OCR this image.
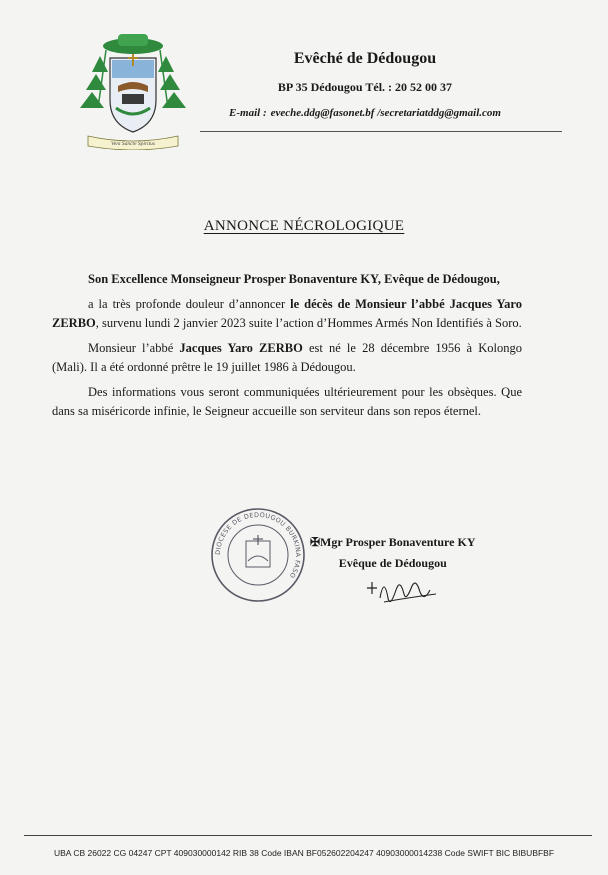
Veni Sancte Spiritus
Evêché de Dédougou
BP 35 Dédougou Tél. : 20 52 00 37
E-mail : eveche.ddg@fasonet.bf /secretariatddg@gmail.com
ANNONCE NÉCROLOGIQUE

Son Excellence Monseigneur Prosper Bonaventure KY, Evêque de Dédougou,

a la très profonde douleur d’annoncer le décès de Monsieur l’abbé Jacques Yaro ZERBO, survenu lundi 2 janvier 2023 suite l’action d’Hommes Armés Non Identifiés à Soro.

Monsieur l’abbé Jacques Yaro ZERBO est né le 28 décembre 1956 à Kolongo (Mali). Il a été ordonné prêtre le 19 juillet 1986 à Dédougou.

Des informations vous seront communiquées ultérieurement pour les obsèques. Que dans sa miséricorde infinie, le Seigneur accueille son serviteur dans son repos éternel.

DIOCESE DE DEDOUGOU BURKINA FASO
✠Mgr Prosper Bonaventure KY
Evêque de Dédougou
UBA CB 26022 CG 04247 CPT 409030000142 RIB 38 Code IBAN BF052602204247 40903000014238 Code SWIFT BIC BIBUBFBF
